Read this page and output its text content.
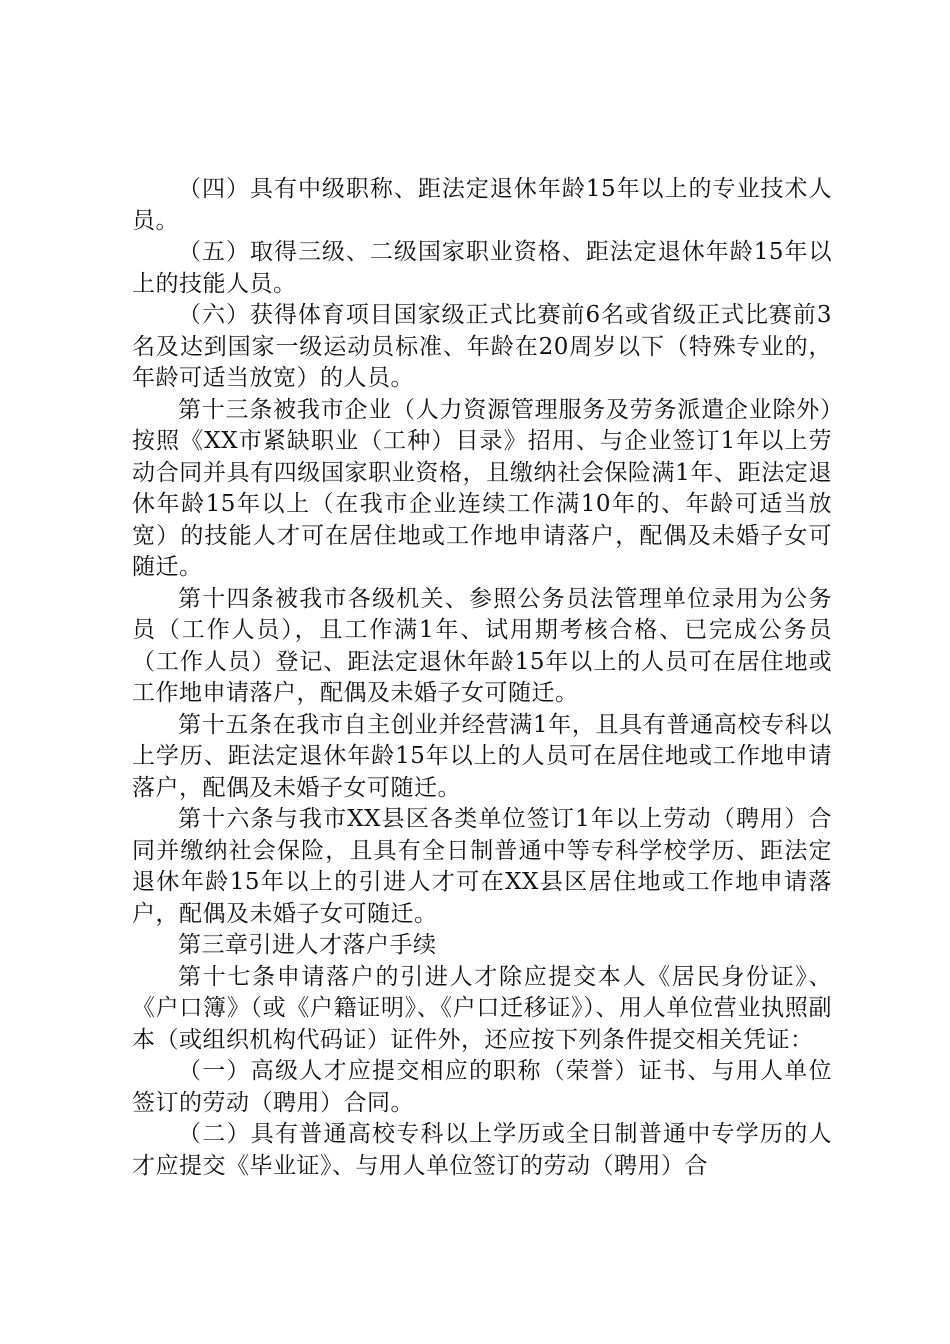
（四）具有中级职称、距法定退休年龄15年以上的专业技术人员。

（五）取得三级、二级国家职业资格、距法定退休年龄15年以上的技能人员。

（六）获得体育项目国家级正式比赛前6名或省级正式比赛前3名及达到国家一级运动员标准、年龄在20周岁以下（特殊专业的，年龄可适当放宽）的人员。

第十三条被我市企业（人力资源管理服务及劳务派遣企业除外）按照《XX市紧缺职业（工种）目录》招用、与企业签订1年以上劳动合同并具有四级国家职业资格，且缴纳社会保险满1年、距法定退休年龄15年以上（在我市企业连续工作满10年的、年龄可适当放宽）的技能人才可在居住地或工作地申请落户，配偶及未婚子女可随迁。

第十四条被我市各级机关、参照公务员法管理单位录用为公务员（工作人员），且工作满1年、试用期考核合格、已完成公务员（工作人员）登记、距法定退休年龄15年以上的人员可在居住地或工作地申请落户，配偶及未婚子女可随迁。

第十五条在我市自主创业并经营满1年，且具有普通高校专科以上学历、距法定退休年龄15年以上的人员可在居住地或工作地申请落户，配偶及未婚子女可随迁。

第十六条与我市XX县区各类单位签订1年以上劳动（聘用）合同并缴纳社会保险，且具有全日制普通中等专科学校学历、距法定退休年龄15年以上的引进人才可在XX县区居住地或工作地申请落户，配偶及未婚子女可随迁。

第三章引进人才落户手续

第十七条申请落户的引进人才除应提交本人《居民身份证》、《户口簿》（或《户籍证明》、《户口迁移证》）、用人单位营业执照副本（或组织机构代码证）证件外，还应按下列条件提交相关凭证：

（一）高级人才应提交相应的职称（荣誉）证书、与用人单位签订的劳动（聘用）合同。

（二）具有普通高校专科以上学历或全日制普通中专学历的人才应提交《毕业证》、与用人单位签订的劳动（聘用）合
